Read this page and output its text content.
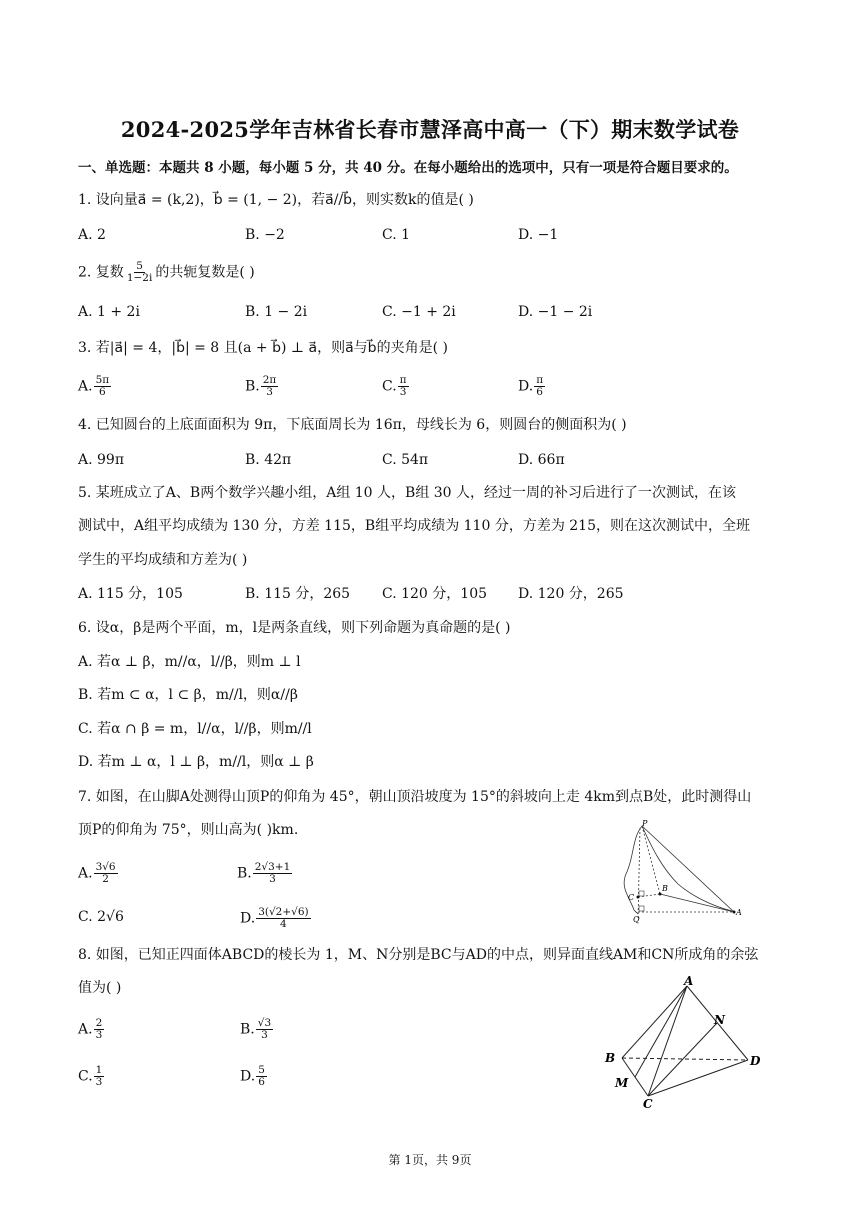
2024-2025学年吉林省长春市慧泽高中高一（下）期末数学试卷
一、单选题：本题共 8 小题，每小题 5 分，共 40 分。在每小题给出的选项中，只有一项是符合题目要求的。
1. 设向量a⃗ = (k,2)，b⃗ = (1, − 2)，若a⃗//b⃗，则实数k的值是( )
A. 2	B. −2	C. 1	D. −1
2. 复数 $\frac{5}{1-2i}$ 的共轭复数是( )
A. 1 + 2i	B. 1 − 2i	C. −1 + 2i	D. −1 − 2i
3. 若|a⃗| = 4，|b⃗| = 8 且(a + b⃗) ⊥ a⃗，则a⃗与b⃗的夹角是( )
A. $\frac{5\pi}{6}$	B. $\frac{2\pi}{3}$	C. $\frac{\pi}{3}$	D. $\frac{\pi}{6}$
4. 已知圆台的上底面面积为 9π，下底面周长为 16π，母线长为 6，则圆台的侧面积为( )
A. 99π	B. 42π	C. 54π	D. 66π
5. 某班成立了A、B两个数学兴趣小组，A组 10 人，B组 30 人，经过一周的补习后进行了一次测试，在该
测试中，A组平均成绩为 130 分，方差 115，B组平均成绩为 110 分，方差为 215，则在这次测试中，全班
学生的平均成绩和方差为( )
A. 115 分，105	B. 115 分，265 C. 120 分，105 D. 120 分，265
6. 设α，β是两个平面，m，l是两条直线，则下列命题为真命题的是( )
A. 若α ⊥ β，m//α，l//β，则m ⊥ l
B. 若m ⊂ α，l ⊂ β，m//l，则α//β
C. 若α ∩ β = m，l//α，l//β，则m//l
D. 若m ⊥ α，l ⊥ β，m//l，则α ⊥ β
7. 如图，在山脚A处测得山顶P的仰角为 45°，朝山顶沿坡度为 15°的斜坡向上走 4km到点B处，此时测得山
顶P的仰角为 75°，则山高为( )km.
A. $\frac{3√6}{2}$	B. $\frac{2√3+1}{3}$
C. 2√6	D. $\frac{3(√2+√6)}{4}$
P
B
C
Q
A
8. 如图，已知正四面体ABCD的棱长为 1，M、N分别是BC与AD的中点，则异面直线AM和CN所成角的余弦
值为( )
A. $\frac{2}{3}$	B. $\frac{√3}{3}$
C. $\frac{1}{3}$	D. $\frac{5}{6}$
A
N
B	D
M
C
第 1页，共 9页
